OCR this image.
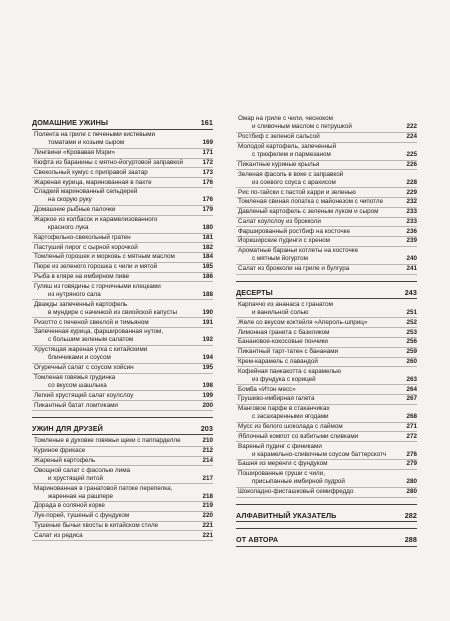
ДОМАШНИЕ УЖИНЫ	161
Полента на гриле с печеными кистевыми
томатами и козьим сыром	169
Лингвини «Кровавая Мэри»	171
Кюфта из баранины с мятно-йогуртовой заправкой	172
Свекольный хумус с приправой заатар	173
Жареная курица, маринованная в пахте	176
Сладкий маринованный сельдерей
на скорую руку	176
Домашние рыбные палочки	179
Жаркое из колбасок и карамелизованного
красного лука	180
Картофельно-свекольный гратен	181
Пастуший пирог с сырной корочкой	182
Томленый горошек и морковь с мятным маслом	184
Пюре из зеленого горошка с чили и мятой	185
Рыба в кляре на имбирном пиве	186
Гуляш из говядины с горчичными клецками
из нутряного сала	188
Дважды запеченный картофель
в мундире с начинкой из свиойской капусты	190
Ризотто с печеной свеклой и тимьяном	191
Запеченная курица, фаршированная нутом,
с большим зеленым салатом	192
Хрустящая жареная утка с китайскими
блинчиками и соусом	194
Огуречный салат с соусом хойсин	195
Томленая говяжья грудинка
со вкусом шашлыка	198
Легкий хрустящий салат коулслоу	199
Пикантный батат ломтиками	200
УЖИН ДЛЯ ДРУЗЕЙ	203
Томленые в духовке говяжьи щеки с паппарделле	210
Куриное фрикасе	212
Жареный картофель	214
Овощной салат с фасолью лима
и хрустящей питой	217
Маринованная в гранатовой патоке перепелка,
жаренная на рашпере	218
Дорада в соляной корке	219
Лук-порей, тушеный с фундуком	220
Тушеные бычьи хвосты в китайском стиле	221
Салат из редиса	221
Омар на гриле с чили, чесноком
и сливочным маслом с петрушкой	222
Ростбиф с зеленой сальсой	224
Молодой картофель, запеченный
с трюфелем и пармезаном	225
Пикантные куриные крылья	226
Зеленая фасоль в воке с заправкой
из соевого соуса с арахисом	228
Рис по-тайски с пастой карри и зеленью	229
Томленая свиная лопатка с майонезом с чипотле	232
Давленый картофель с зеленым луком и сыром	233
Салат коулслоу из брокколи	233
Фаршированный ростбиф на косточке	236
Йоркширские пудинги с хреном	239
Ароматные бараньи котлеты на косточке
с мятным йогуртом	240
Салат из брокколи на гриле и булгура	241
ДЕСЕРТЫ	243
Карпаччо из ананаса с гранатом
и ванильной солью	251
Желе со вкусом коктейля «Апероль-шприц»	252
Лимонная гранита с базиликом	253
Банановое-кокосовые пончики	256
Пикантный тарт-татен с бананами	259
Крем-карамель с лавандой	260
Кофейная панкакотта с карамелью
из фундука с корицей	263
Бомба «Итон месс»	264
Грушево-имбирная галета	267
Манговое парфе в стаканчиках
с засахаренными ягодами	268
Мусс из белого шоколада с лаймом	271
Яблочный компот со взбитыми сливками	272
Вареный пудинг с финиками
и карамельно-сливочным соусом баттерскотч	276
Башня из меренги с фундуком	279
Пошированные груши с чили,
присыпанные имбирной пудрой	280
Шоколадно-фисташковый семифреддо	280
АЛФАВИТНЫЙ УКАЗАТЕЛЬ	282
ОТ АВТОРА	288
